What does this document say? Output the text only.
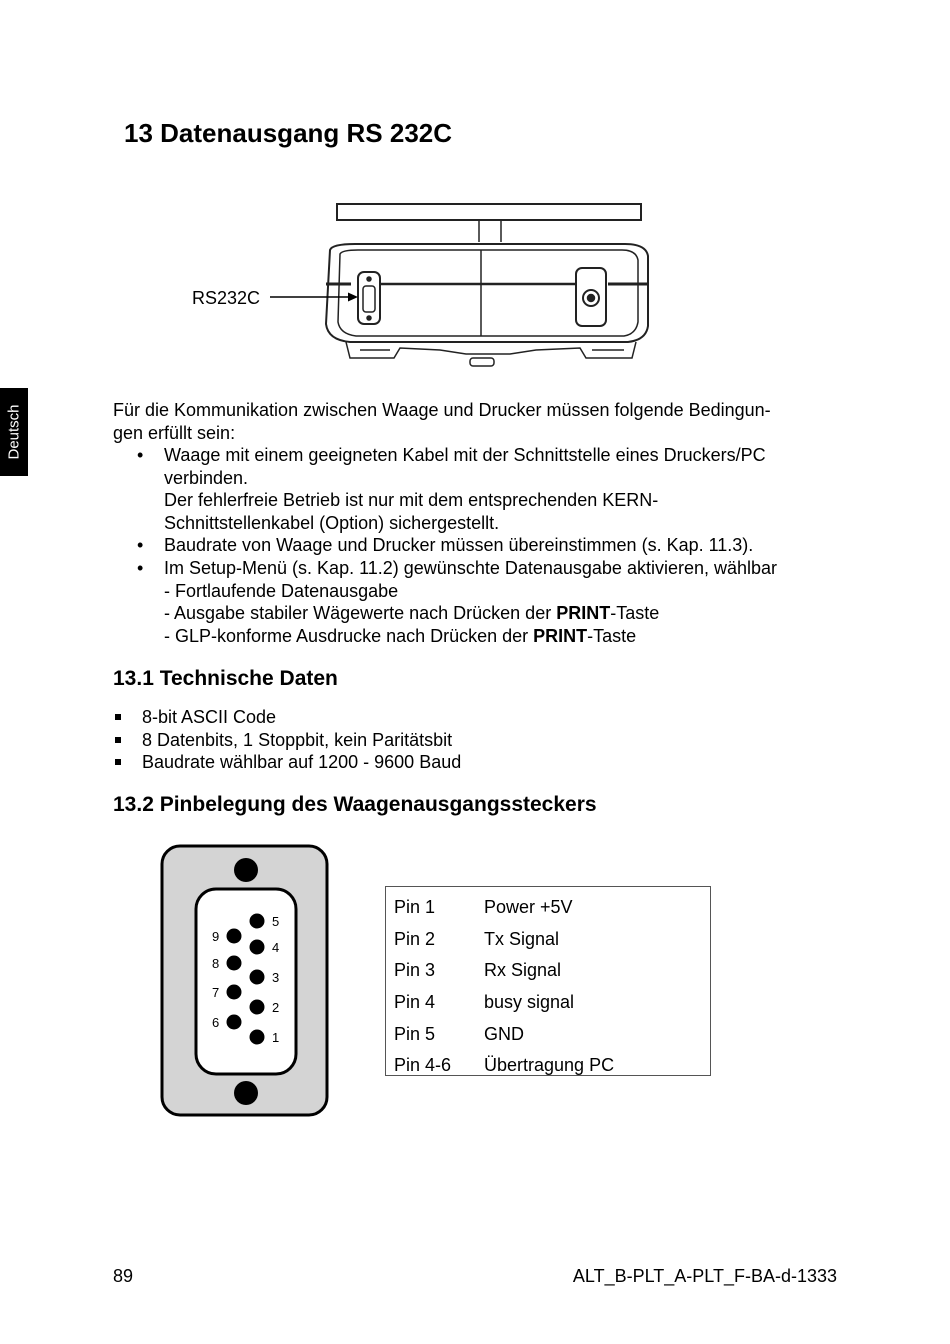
Deutsch
13 Datenausgang RS 232C
RS232C
Für die Kommunikation zwischen Waage und Drucker müssen folgende Bedingun-
gen erfüllt sein:
• Waage mit einem geeigneten Kabel mit der Schnittstelle eines Druckers/PC
verbinden.
Der fehlerfreie Betrieb ist nur mit dem entsprechenden KERN-
Schnittstellenkabel (Option) sichergestellt.
• Baudrate von Waage und Drucker müssen übereinstimmen (s. Kap. 11.3).
• Im Setup-Menü (s. Kap. 11.2) gewünschte Datenausgabe aktivieren, wählbar
- Fortlaufende Datenausgabe
- Ausgabe stabiler Wägewerte nach Drücken der PRINT-Taste
- GLP-konforme Ausdrucke nach Drücken der PRINT-Taste
13.1 Technische Daten
8-bit ASCII Code
8 Datenbits, 1 Stoppbit, kein Paritätsbit
Baudrate wählbar auf 1200 - 9600 Baud
13.2 Pinbelegung des Waagenausgangssteckers
5
4
3
2
1
9
8
7
6
Pin 1	Power +5V
Pin 2	Tx Signal
Pin 3	Rx Signal
Pin 4	busy signal
Pin 5	GND
Pin 4-6	Übertragung PC
89	ALT_B-PLT_A-PLT_F-BA-d-1333
